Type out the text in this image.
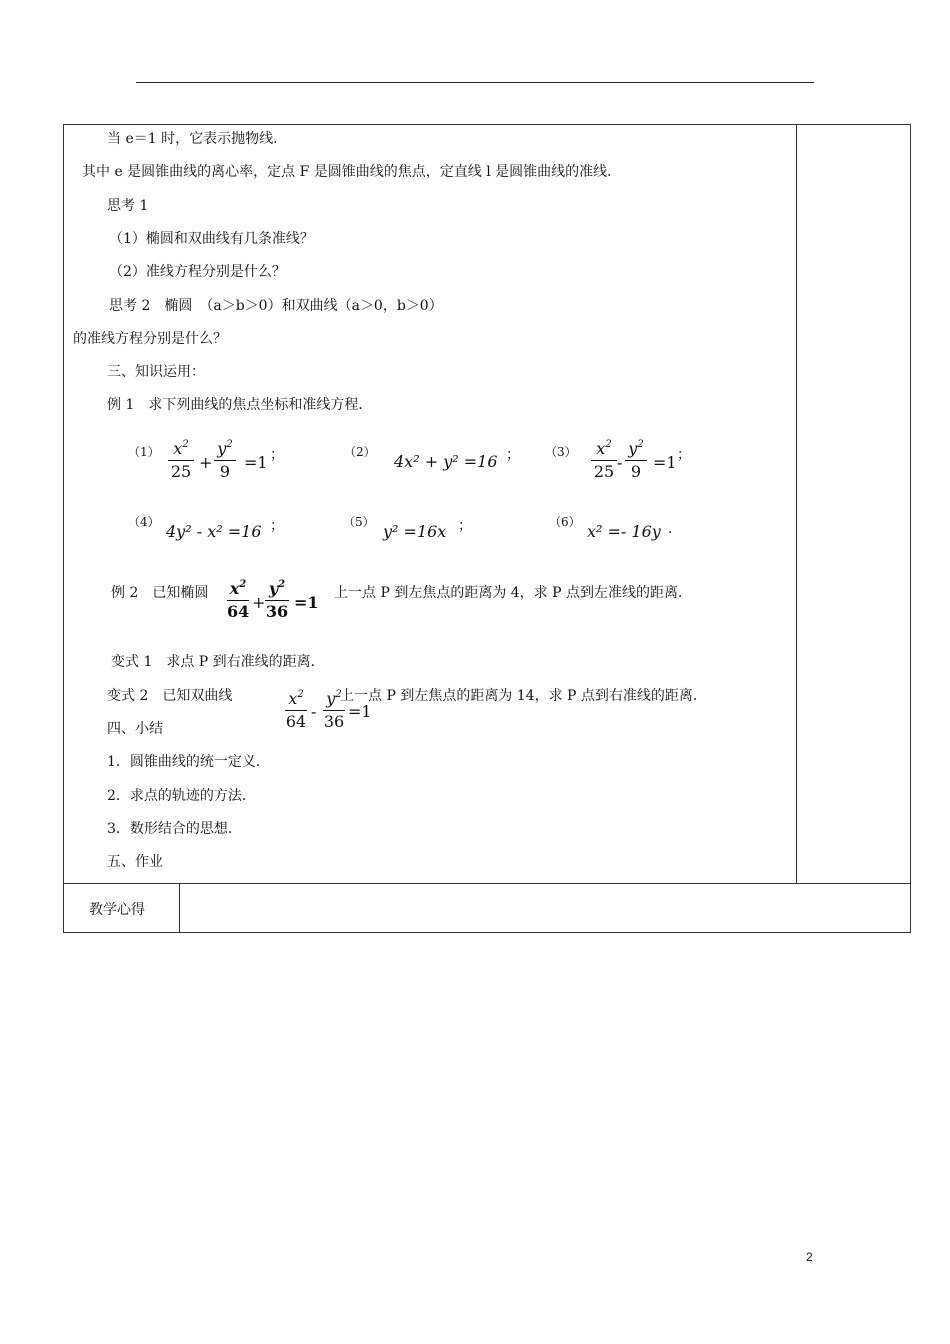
当 e＝1 时，它表示抛物线．
其中 e 是圆锥曲线的离心率，定点 F 是圆锥曲线的焦点，定直线 l 是圆锥曲线的准线．
思考 1
（1）椭圆和双曲线有几条准线？
（2）准线方程分别是什么？
思考 2　椭圆　（a＞b＞0）和双曲线（a＞0，b＞0）
的准线方程分别是什么？
三、知识运用：
例 1　求下列曲线的焦点坐标和准线方程．
（1） $x^2$
25 +
$y^2$
9 =1 ；	（2） 4x² + y² =16 ； （3）	$x^2$
25 -
$y^2$
9 =1 ；
（4） 4y² - x² =16 ；	（5） y² =16x ；	（6） x² =- 16y ．
例 2　已知椭圆 $x^2$
64 +
$y^2$
36 =1 上一点 P 到左焦点的距离为 4，求 P 点到左准线的距离．
变式 1　求点 P 到右准线的距离．
变式 2　已知双曲线	$x^2$
64
-
$y^2$
36
=1
上一点 P 到左焦点的距离为 14，求 P 点到右准线的距离．
四、小结
1．圆锥曲线的统一定义．
2．求点的轨迹的方法．
3．数形结合的思想．
五、作业
教学心得
2
